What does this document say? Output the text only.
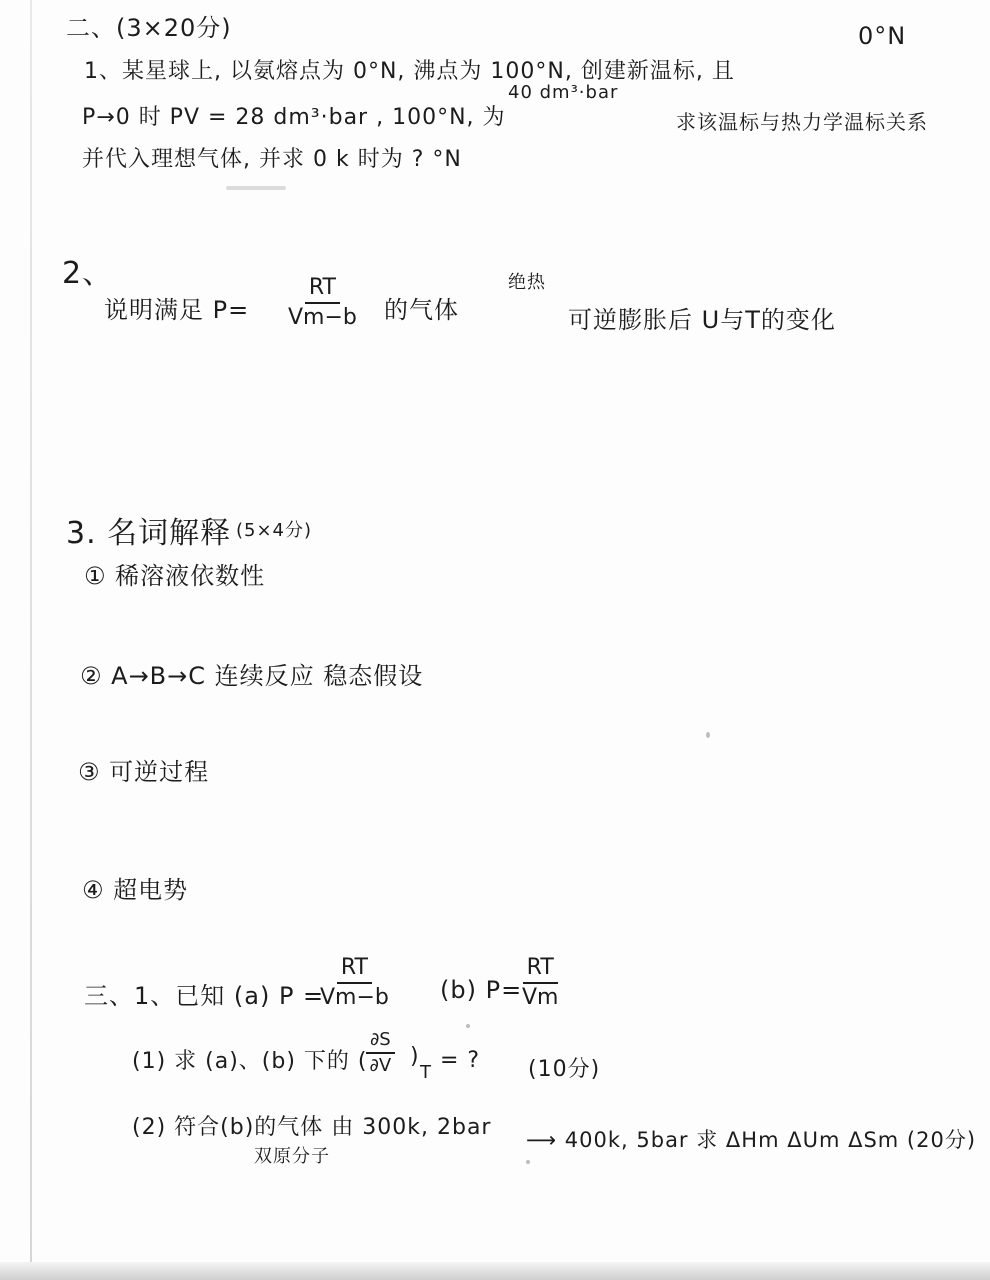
0°N
二、(3×20分)
1、某星球上, 以氨熔点为 0°N, 沸点为 100°N, 创建新温标, 且
40 dm³·bar
P→0 时 PV = 28 dm³·bar , 100°N, 为	求该温标与热力学温标关系
并代入理想气体, 并求 0 k 时为 ? °N
2、
说明满足 $P= \frac{RT}{Vm-b}$ 的气体
绝热
可逆膨胀后 U与T的变化
3. 名词解释 (5×4分)
① 稀溶液依数性
② A→B→C 连续反应 稳态假设
③ 可逆过程
④ 超电势
三、1、已知 (a) P =
$\frac{RT}{Vm-b} (b)$ $P= \frac{RT}{Vm}$
(1) 求 (a)、(b) 下的 (
$\frac{\partial S}{\partial V}$ )
T = ? (10分)
(2) 符合(b)的气体 由 300k, 2bar
双原分子
⟶ 400k, 5bar 求 ΔHm ΔUm ΔSm (20分)
